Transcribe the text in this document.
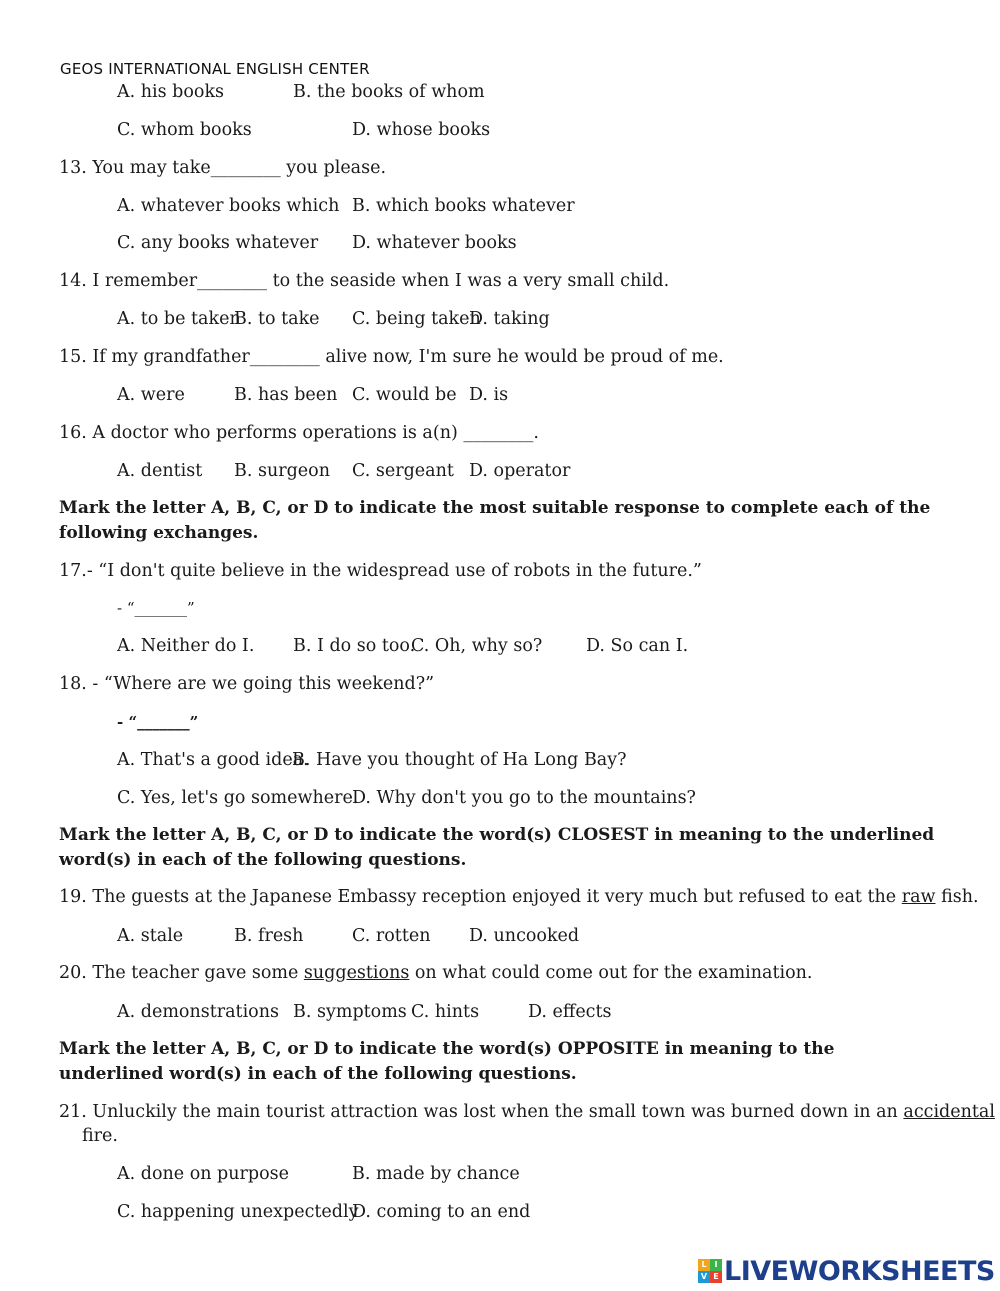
GEOS INTERNATIONAL ENGLISH CENTER
A. his books	B. the books of whom
C. whom books	D. whose books
13. You may take________ you please.
A. whatever books which B. which books whatever
C. any books whatever D. whatever books
14. I remember________ to the seaside when I was a very small child.
A. to be taken
B. to take C. being taken
D. taking
15. If my grandfather________ alive now, I'm sure he would be proud of me.
A. were	B. has been C. would be D. is
16. A doctor who performs operations is a(n) ________.
A. dentist B. surgeon C. sergeant D. operator
Mark the letter A, B, C, or D to indicate the most suitable response to complete each of the following exchanges.
17.- “I don't quite believe in the widespread use of robots in the future.”
- “_______”
A. Neither do I. B. I do so too.
C. Oh, why so?	D. So can I.
18. - “Where are we going this weekend?”
- “_______”
A. That's a good idea.
B. Have you thought of Ha Long Bay?
C. Yes, let's go somewhere.
D. Why don't you go to the mountains?
Mark the letter A, B, C, or D to indicate the word(s) CLOSEST in meaning to the underlined word(s) in each of the following questions.
19. The guests at the Japanese Embassy reception enjoyed it very much but refused to eat the raw fish.
A. stale	B. fresh	C. rotten D. uncooked
20. The teacher gave some suggestions on what could come out for the examination.
A. demonstrations B. symptoms C. hints	D. effects
Mark the letter A, B, C, or D to indicate the word(s) OPPOSITE in meaning to the underlined word(s) in each of the following questions.
21. Unluckily the main tourist attraction was lost when the small town was burned down in an accidental
fire.
A. done on purpose	B. made by chance
C. happening unexpectedly
D. coming to an end
L I
V E LIVEWORKSHEETS
